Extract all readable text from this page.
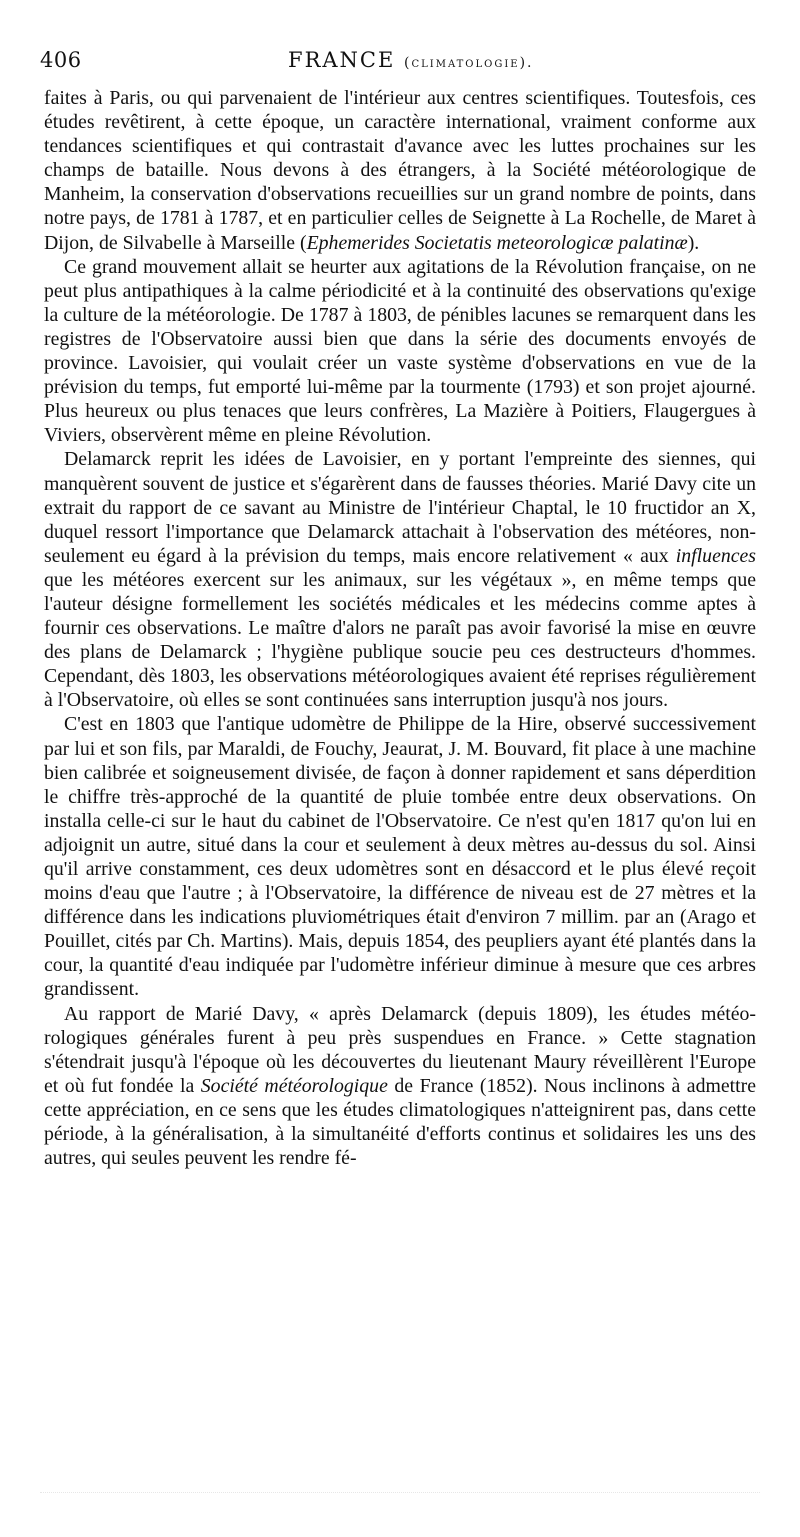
406	FRANCE (climatologie).

faites à Paris, ou qui parvenaient de l'intérieur aux centres scientifiques. Toutesfois, ces études revêtirent, à cette époque, un caractère international, vraiment conforme aux tendances scientifiques et qui contrastait d'avance avec les luttes prochaines sur les champs de bataille. Nous devons à des étrangers, à la Société météorologique de Manheim, la conservation d'observations recueillies sur un grand nombre de points, dans notre pays, de 1781 à 1787, et en particulier celles de Seignette à La Rochelle, de Maret à Dijon, de Silvabelle à Marseille (Ephemerides Societatis meteorologicæ palatinæ).

Ce grand mouvement allait se heurter aux agitations de la Révolution française, on ne peut plus antipathiques à la calme périodicité et à la continuité des observations qu'exige la culture de la météorologie. De 1787 à 1803, de pénibles lacunes se remarquent dans les registres de l'Observatoire aussi bien que dans la série des documents envoyés de province. Lavoisier, qui voulait créer un vaste système d'observations en vue de la prévision du temps, fut emporté lui-même par la tourmente (1793) et son projet ajourné. Plus heureux ou plus tenaces que leurs confrères, La Mazière à Poitiers, Flaugergues à Viviers, observèrent même en pleine Révolution.

Delamarck reprit les idées de Lavoisier, en y portant l'empreinte des siennes, qui manquèrent souvent de justice et s'égarèrent dans de fausses théories. Marié Davy cite un extrait du rapport de ce savant au Ministre de l'intérieur Chaptal, le 10 fructidor an X, duquel ressort l'importance que Delamarck attachait à l'observation des météores, non-seulement eu égard à la prévision du temps, mais encore relativement « aux influences que les météores exercent sur les animaux, sur les végétaux », en même temps que l'auteur désigne formellement les sociétés médicales et les médecins comme aptes à fournir ces observations. Le maître d'alors ne paraît pas avoir favorisé la mise en œuvre des plans de Delamarck ; l'hygiène publique soucie peu ces destructeurs d'hommes. Cependant, dès 1803, les observations météorologiques avaient été reprises régulièrement à l'Observatoire, où elles se sont continuées sans interruption jusqu'à nos jours.

C'est en 1803 que l'antique udomètre de Philippe de la Hire, observé successivement par lui et son fils, par Maraldi, de Fouchy, Jeaurat, J. M. Bouvard, fit place à une machine bien calibrée et soigneusement divisée, de façon à donner rapidement et sans déperdition le chiffre très-approché de la quantité de pluie tombée entre deux observations. On installa celle-ci sur le haut du cabinet de l'Observatoire. Ce n'est qu'en 1817 qu'on lui en adjoignit un autre, situé dans la cour et seulement à deux mètres au-dessus du sol. Ainsi qu'il arrive constamment, ces deux udomètres sont en désaccord et le plus élevé reçoit moins d'eau que l'autre ; à l'Observatoire, la différence de niveau est de 27 mètres et la différence dans les indications pluviométriques était d'environ 7 millim. par an (Arago et Pouillet, cités par Ch. Martins). Mais, depuis 1854, des peupliers ayant été plantés dans la cour, la quantité d'eau indiquée par l'udomètre inférieur diminue à mesure que ces arbres grandissent.

Au rapport de Marié Davy, « après Delamarck (depuis 1809), les études météorologiques générales furent à peu près suspendues en France. » Cette stagnation s'étendrait jusqu'à l'époque où les découvertes du lieutenant Maury réveillèrent l'Europe et où fut fondée la Société météorologique de France (1852). Nous inclinons à admettre cette appréciation, en ce sens que les études climatologiques n'atteignirent pas, dans cette période, à la généralisation, à la simultanéité d'efforts continus et solidaires les uns des autres, qui seules peuvent les rendre fé-
